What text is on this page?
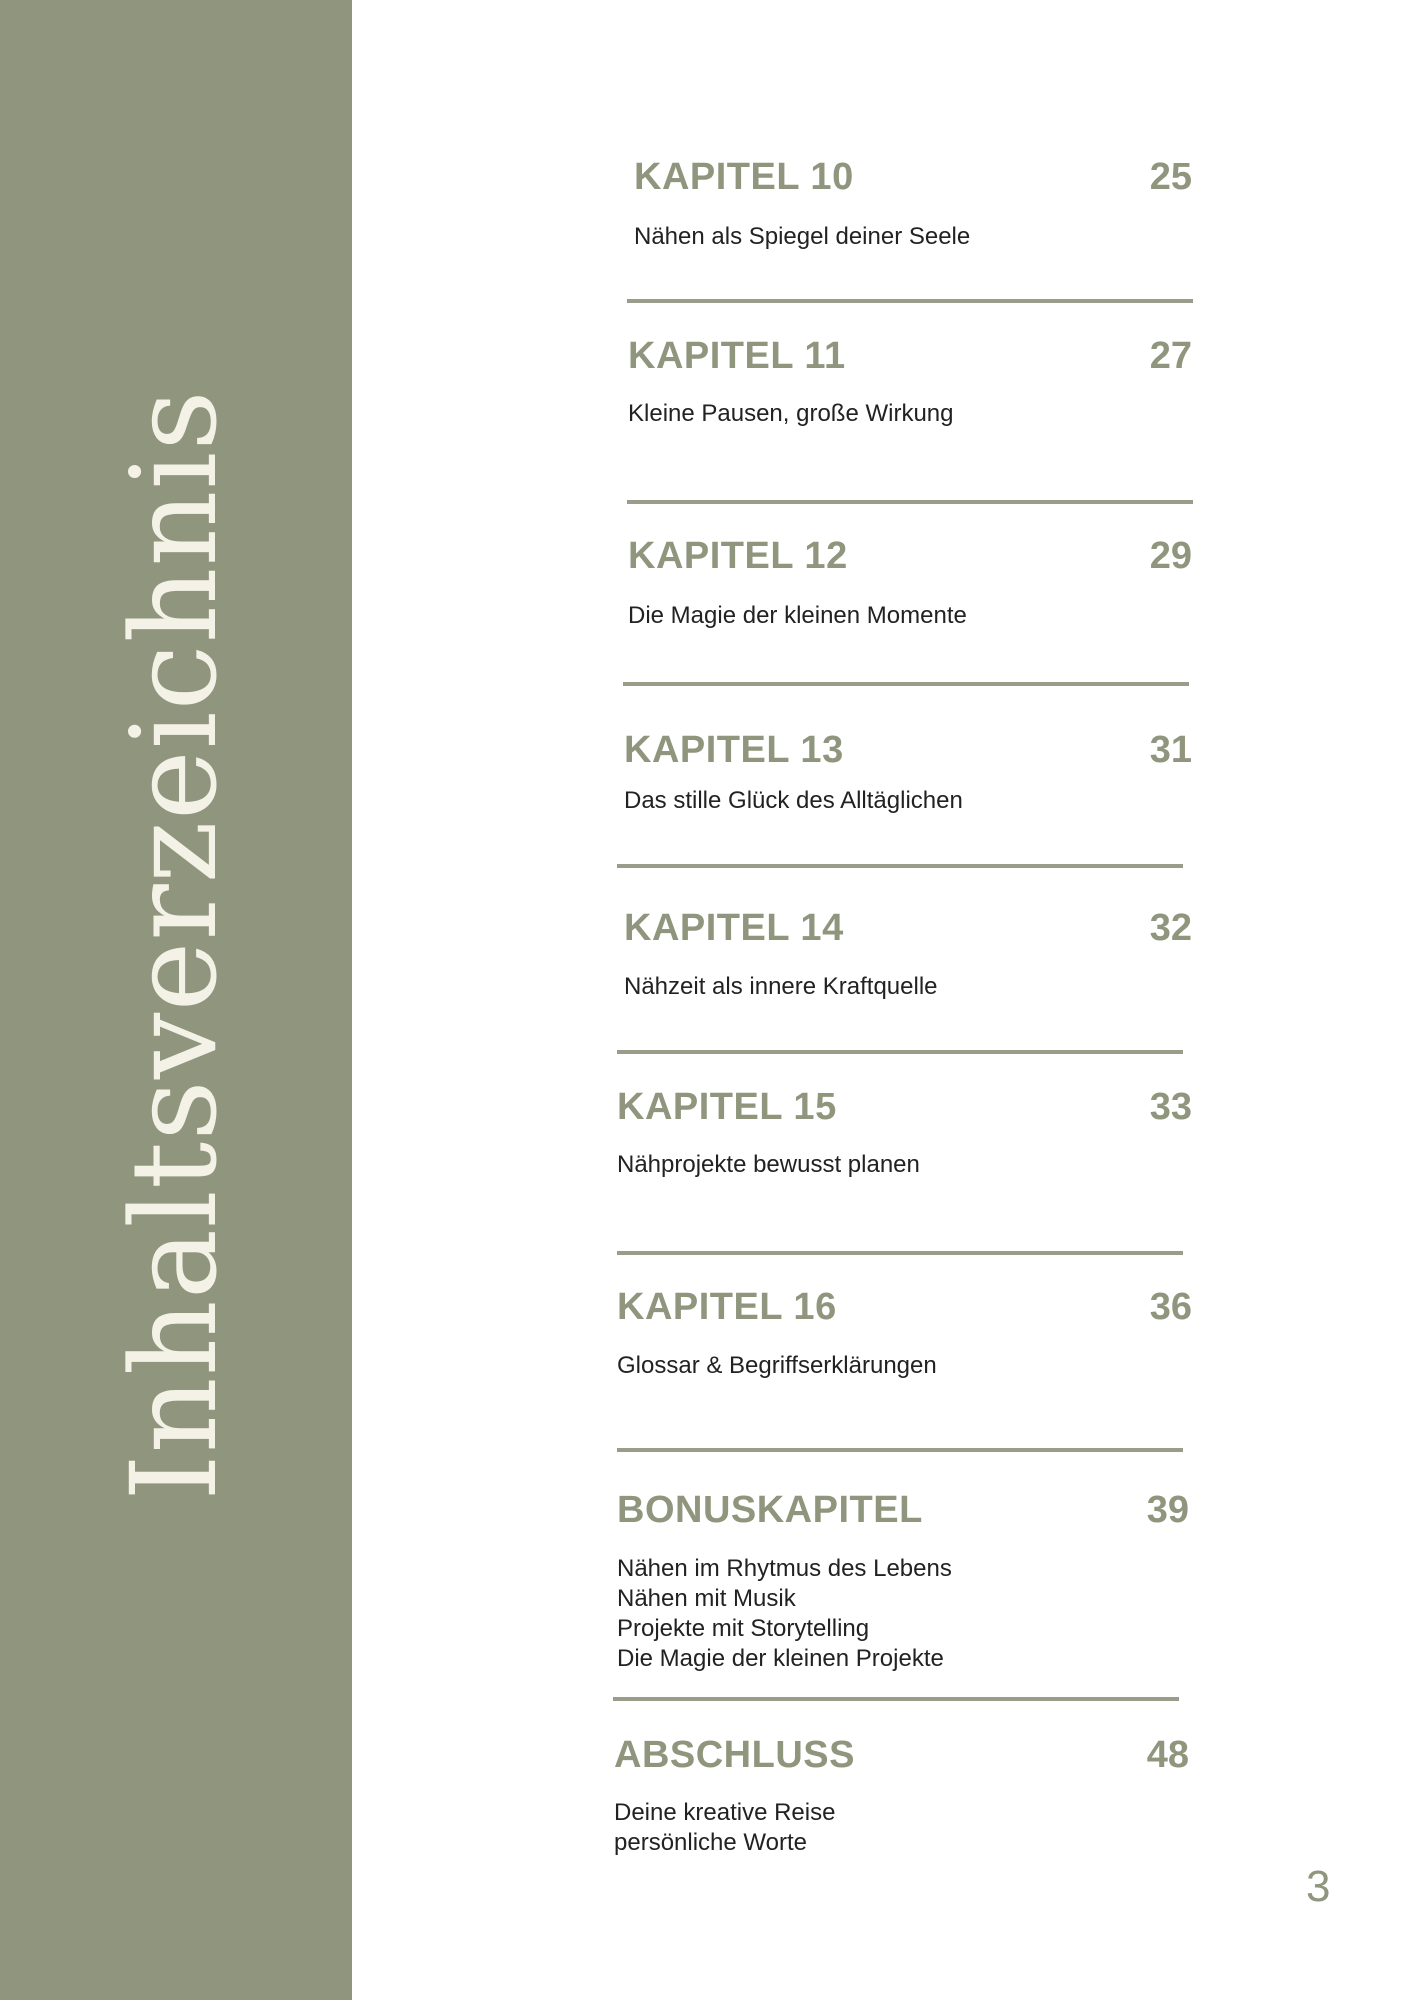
Inhaltsverzeichnis
KAPITEL 10	25
Nähen als Spiegel deiner Seele
KAPITEL 11	27
Kleine Pausen, große Wirkung
KAPITEL 12	29
Die Magie der kleinen Momente
KAPITEL 13	31
Das stille Glück des Alltäglichen
KAPITEL 14	32
Nähzeit als innere Kraftquelle
KAPITEL 15	33
Nähprojekte bewusst planen
KAPITEL 16	36
Glossar & Begriffserklärungen
BONUSKAPITEL	39
Nähen im Rhytmus des Lebens
Nähen mit Musik
Projekte mit Storytelling
Die Magie der kleinen Projekte
ABSCHLUSS	48
Deine kreative Reise
persönliche Worte
3
